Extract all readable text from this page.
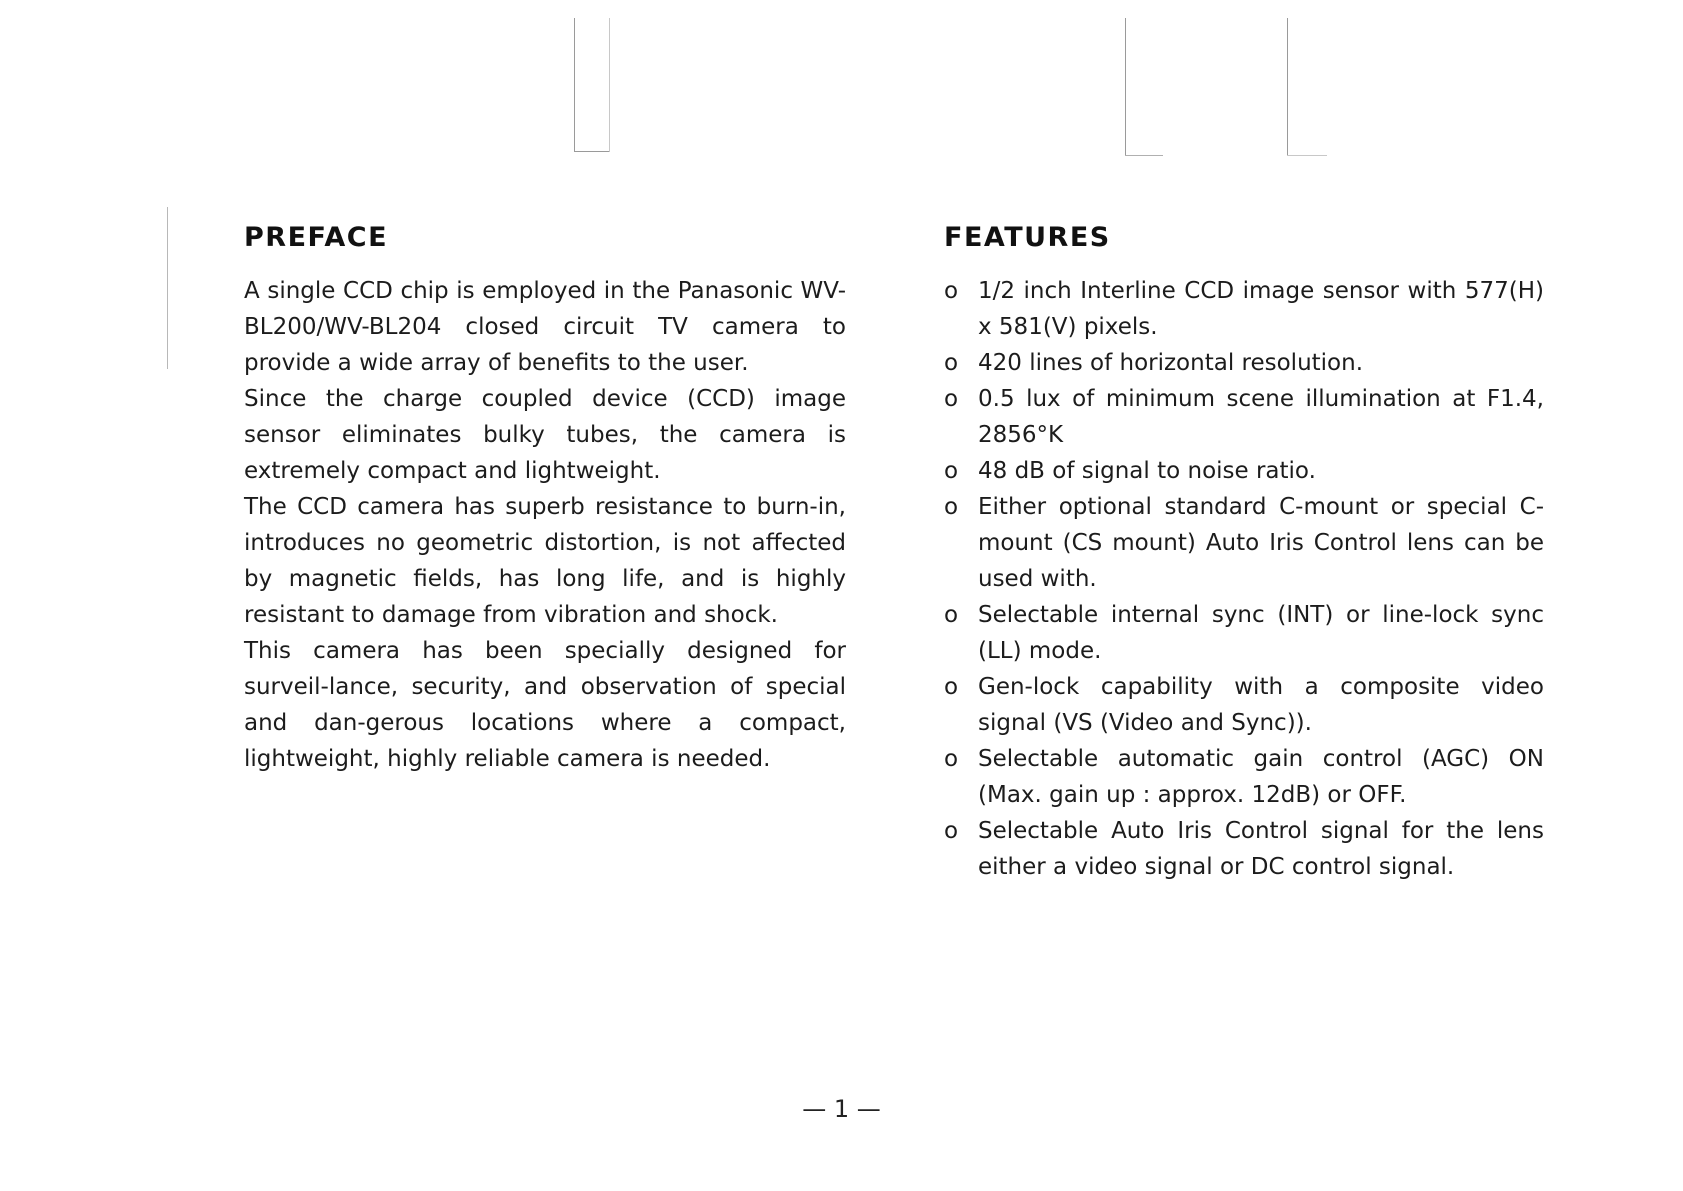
PREFACE
A single CCD chip is employed in the Panasonic WV-BL200/WV-BL204 closed circuit TV camera to provide a wide array of benefits to the user.
Since the charge coupled device (CCD) image sensor eliminates bulky tubes, the camera is extremely compact and lightweight.
The CCD camera has superb resistance to burn-in, introduces no geometric distortion, is not affected by magnetic fields, has long life, and is highly resistant to damage from vibration and shock.
This camera has been specially designed for surveil-lance, security, and observation of special and dan-gerous locations where a compact, lightweight, highly reliable camera is needed.
FEATURES
o 1/2 inch Interline CCD image sensor with 577(H) x 581(V) pixels.
o 420 lines of horizontal resolution.
o 0.5 lux of minimum scene illumination at F1.4, 2856°K
o 48 dB of signal to noise ratio.
o Either optional standard C-mount or special C-mount (CS mount) Auto Iris Control lens can be used with.
o Selectable internal sync (INT) or line-lock sync (LL) mode.
o Gen-lock capability with a composite video signal (VS (Video and Sync)).
o Selectable automatic gain control (AGC) ON (Max. gain up : approx. 12dB) or OFF.
o Selectable Auto Iris Control signal for the lens either a video signal or DC control signal.
— 1 —
